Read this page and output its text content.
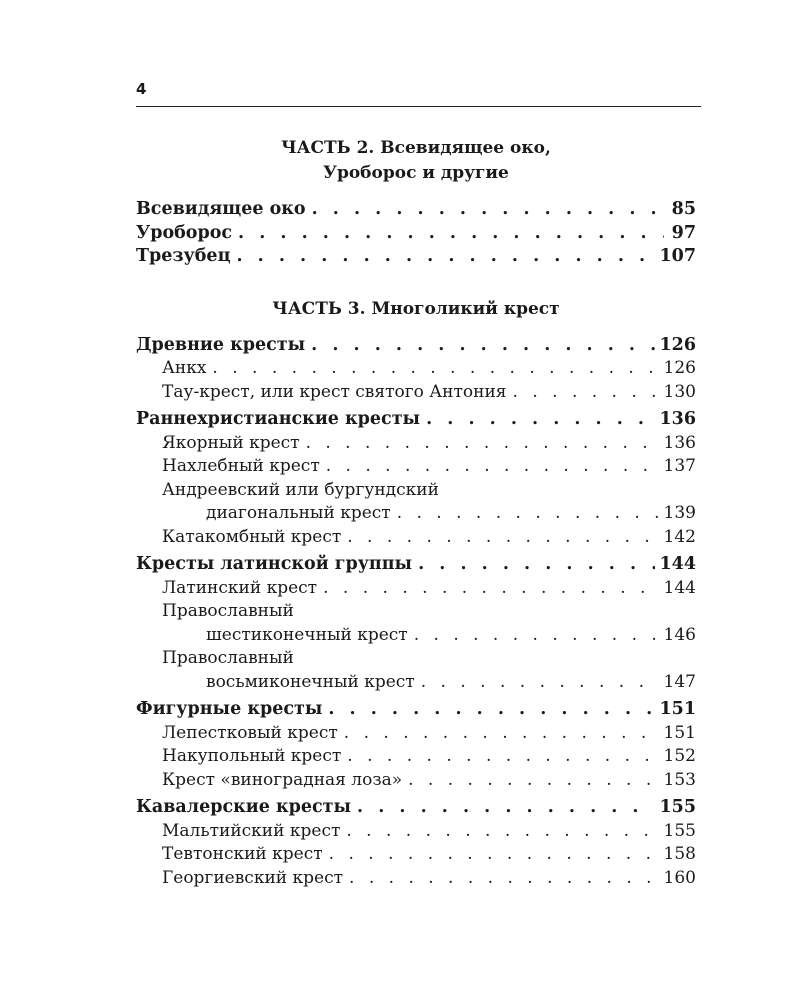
4
ЧАСТЬ 2. Всевидящее око,
Уроборос и другие
Всевидящее око . . .	85
Уроборос . . .	97
Трезубец . . .	107
ЧАСТЬ 3. Многоликий крест
Древние кресты . . .	126
Анкх . . .	126
Тау-крест, или крест святого Антония . . .	130
Раннехристианские кресты . . .	136
Якорный крест . . .	136
Нахлебный крест . . .	137
Андреевский или бургундский
диагональный крест . . .	139
Катакомбный крест . . .	142
Кресты латинской группы . . .	144
Латинский крест . . .	144
Православный
шестиконечный крест . . .	146
Православный
восьмиконечный крест . . .	147
Фигурные кресты . . .	151
Лепестковый крест . . .	151
Накупольный крест . . .	152
Крест «виноградная лоза» . . .	153
Кавалерские кресты . . .	155
Мальтийский крест . . .	155
Тевтонский крест . . .	158
Георгиевский крест . . .	160
